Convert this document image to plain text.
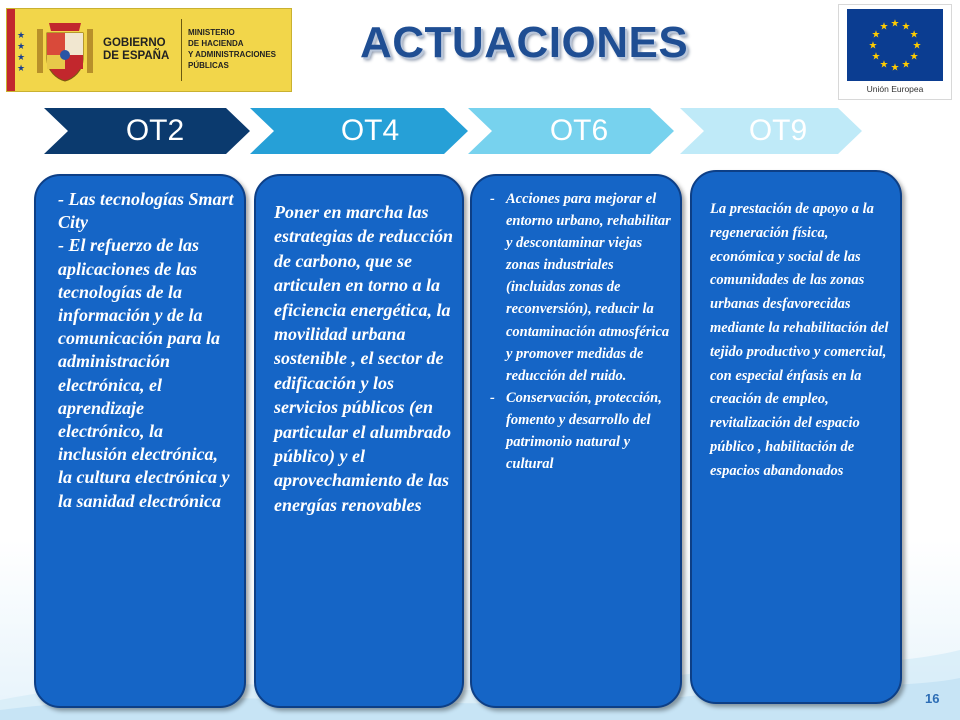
★
★
★
★
GOBIERNO DE ESPAÑA
MINISTERIO
DE HACIENDA
Y ADMINISTRACIONES
PÚBLICAS	ACTUACIONES	★ ★
★
★
★
★
★
★
★
★
★
★
Unión Europea
OT2	OT4	OT6	OT9

- Las tecnologías Smart City

- El refuerzo de las aplicaciones de las tecnologías de la información y de la comunicación para la administración electrónica, el aprendizaje electrónico, la inclusión electrónica, la cultura electrónica y la sanidad electrónica

Poner en marcha las estrategias de reducción de carbono, que se articulen en torno a la eficiencia energética, la movilidad urbana sostenible , el sector de edificación y los servicios públicos (en particular el alumbrado público) y el aprovechamiento de las energías renovables

- Acciones para mejorar el entorno urbano, rehabilitar y descontaminar viejas zonas industriales (incluidas zonas de reconversión), reducir la contaminación atmosférica y promover medidas de reducción del ruido.
- Conservación, protección, fomento y desarrollo del patrimonio natural y cultural

La prestación de apoyo a la regeneración física, económica y social de las comunidades de las zonas urbanas desfavorecidas mediante la rehabilitación del tejido productivo y comercial, con especial énfasis en la creación de empleo, revitalización del espacio público , habilitación de espacios abandonados

16
